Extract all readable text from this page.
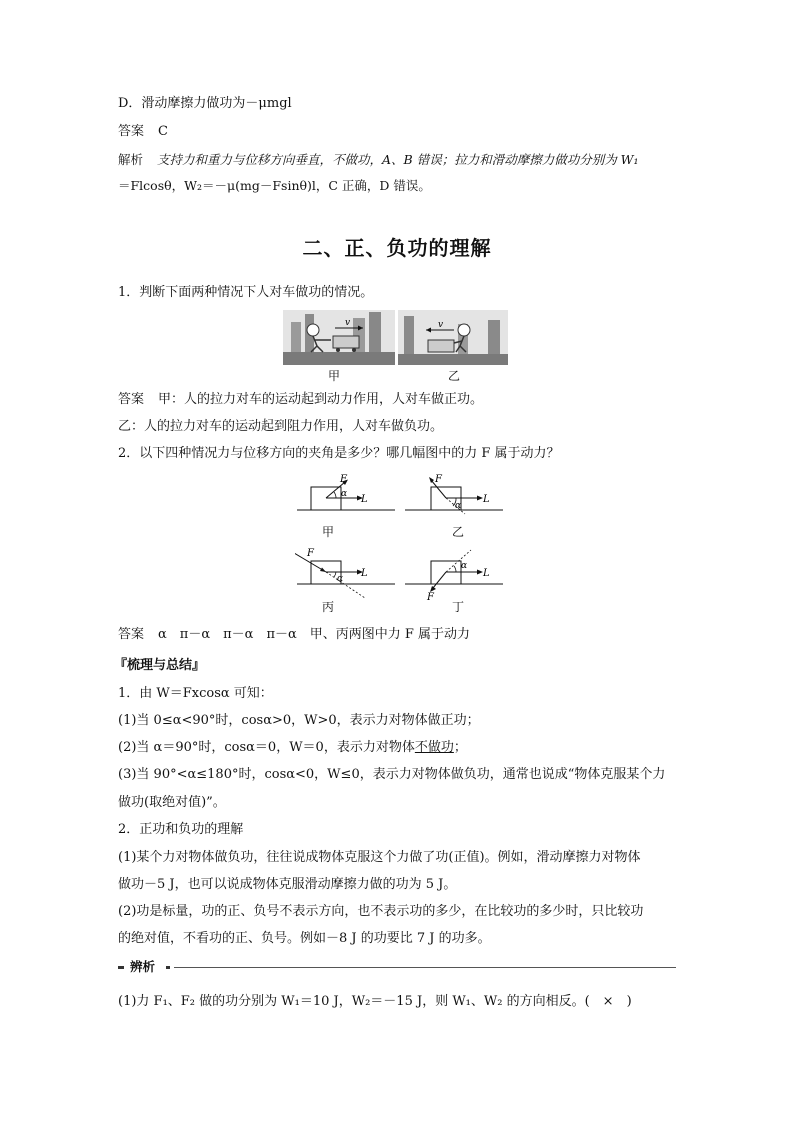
D．滑动摩擦力做功为－μmgl
答案 C
解析 支持力和重力与位移方向垂直，不做功，A、B 错误；拉力和滑动摩擦力做功分别为 W₁
＝Flcosθ，W₂＝－μ(mg－Fsinθ)l，C 正确，D 错误。
二、正、负功的理解
1．判断下面两种情况下人对车做功的情况。
v	v
甲	乙
答案 甲：人的拉力对车的运动起到动力作用，人对车做正功。
乙：人的拉力对车的运动起到阻力作用，人对车做负功。
2．以下四种情况力与位移方向的夹角是多少？哪几幅图中的力 F 属于动力？
F
L
α
F
L
α
F
L
α
F
L
α
甲	乙
丙	丁
答案 α　π－α　π－α　π－α　甲、丙两图中力 F 属于动力
『梳理与总结』
1．由 W＝Fxcosα 可知：
(1)当 0≤α<90°时，cosα>0，W>0，表示力对物体做正功；
(2)当 α＝90°时，cosα＝0，W＝0，表示力对物体不做功；
(3)当 90°<α≤180°时，cosα<0，W≤0，表示力对物体做负功，通常也说成“物体克服某个力
做功(取绝对值)”。
2．正功和负功的理解
(1)某个力对物体做负功，往往说成物体克服这个力做了功(正值)。例如，滑动摩擦力对物体
做功－5 J，也可以说成物体克服滑动摩擦力做的功为 5 J。
(2)功是标量，功的正、负号不表示方向，也不表示功的多少，在比较功的多少时，只比较功
的绝对值，不看功的正、负号。例如－8 J 的功要比 7 J 的功多。
辨析
(1)力 F₁、F₂ 做的功分别为 W₁＝10 J，W₂＝－15 J，则 W₁、W₂ 的方向相反。(　×　)
